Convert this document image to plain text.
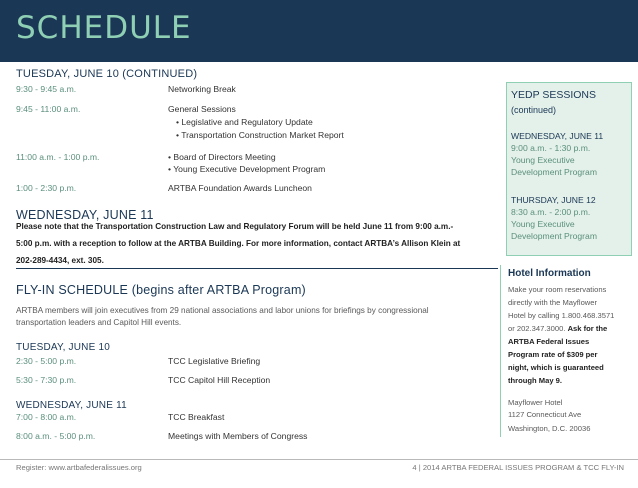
SCHEDULE
TUESDAY, JUNE 10 (CONTINUED)
9:30 - 9:45 a.m.	Networking Break
9:45 - 11:00 a.m.	General Sessions
• Legislative and Regulatory Update
• Transportation Construction Market Report
11:00 a.m. - 1:00 p.m.	• Board of Directors Meeting
• Young Executive Development Program
1:00 - 2:30 p.m.	ARTBA Foundation Awards Luncheon
WEDNESDAY, JUNE 11
Please note that the Transportation Construction Law and Regulatory Forum will be held June 11 from 9:00 a.m.-
5:00 p.m. with a reception to follow at the ARTBA Building. For more information, contact ARTBA’s Allison Klein at
202-289-4434, ext. 305.
FLY-IN SCHEDULE (begins after ARTBA Program)
ARTBA members will join executives from 29 national associations and labor unions for briefings by congressional
transportation leaders and Capitol Hill events.
TUESDAY, JUNE 10
2:30 - 5:00 p.m.	TCC Legislative Briefing
5:30 - 7:30 p.m.	TCC Capitol Hill Reception
WEDNESDAY, JUNE 11
7:00 - 8:00 a.m.	TCC Breakfast
8:00 a.m. - 5:00 p.m.	Meetings with Members of Congress
YEDP SESSIONS
(continued)
WEDNESDAY, JUNE 11
9:00 a.m. - 1:30 p.m.
Young Executive
Development Program
THURSDAY, JUNE 12
8:30 a.m. - 2:00 p.m.
Young Executive
Development Program
Hotel Information
Make your room reservations
directly with the Mayflower
Hotel by calling 1.800.468.3571
or 202.347.3000. Ask for the
ARTBA Federal Issues
Program rate of $309 per
night, which is guaranteed
through May 9.
Mayflower Hotel
1127 Connecticut Ave
Washington, D.C. 20036
Register: www.artbafederalissues.org	4 | 2014 ARTBA FEDERAL ISSUES PROGRAM & TCC FLY-IN
